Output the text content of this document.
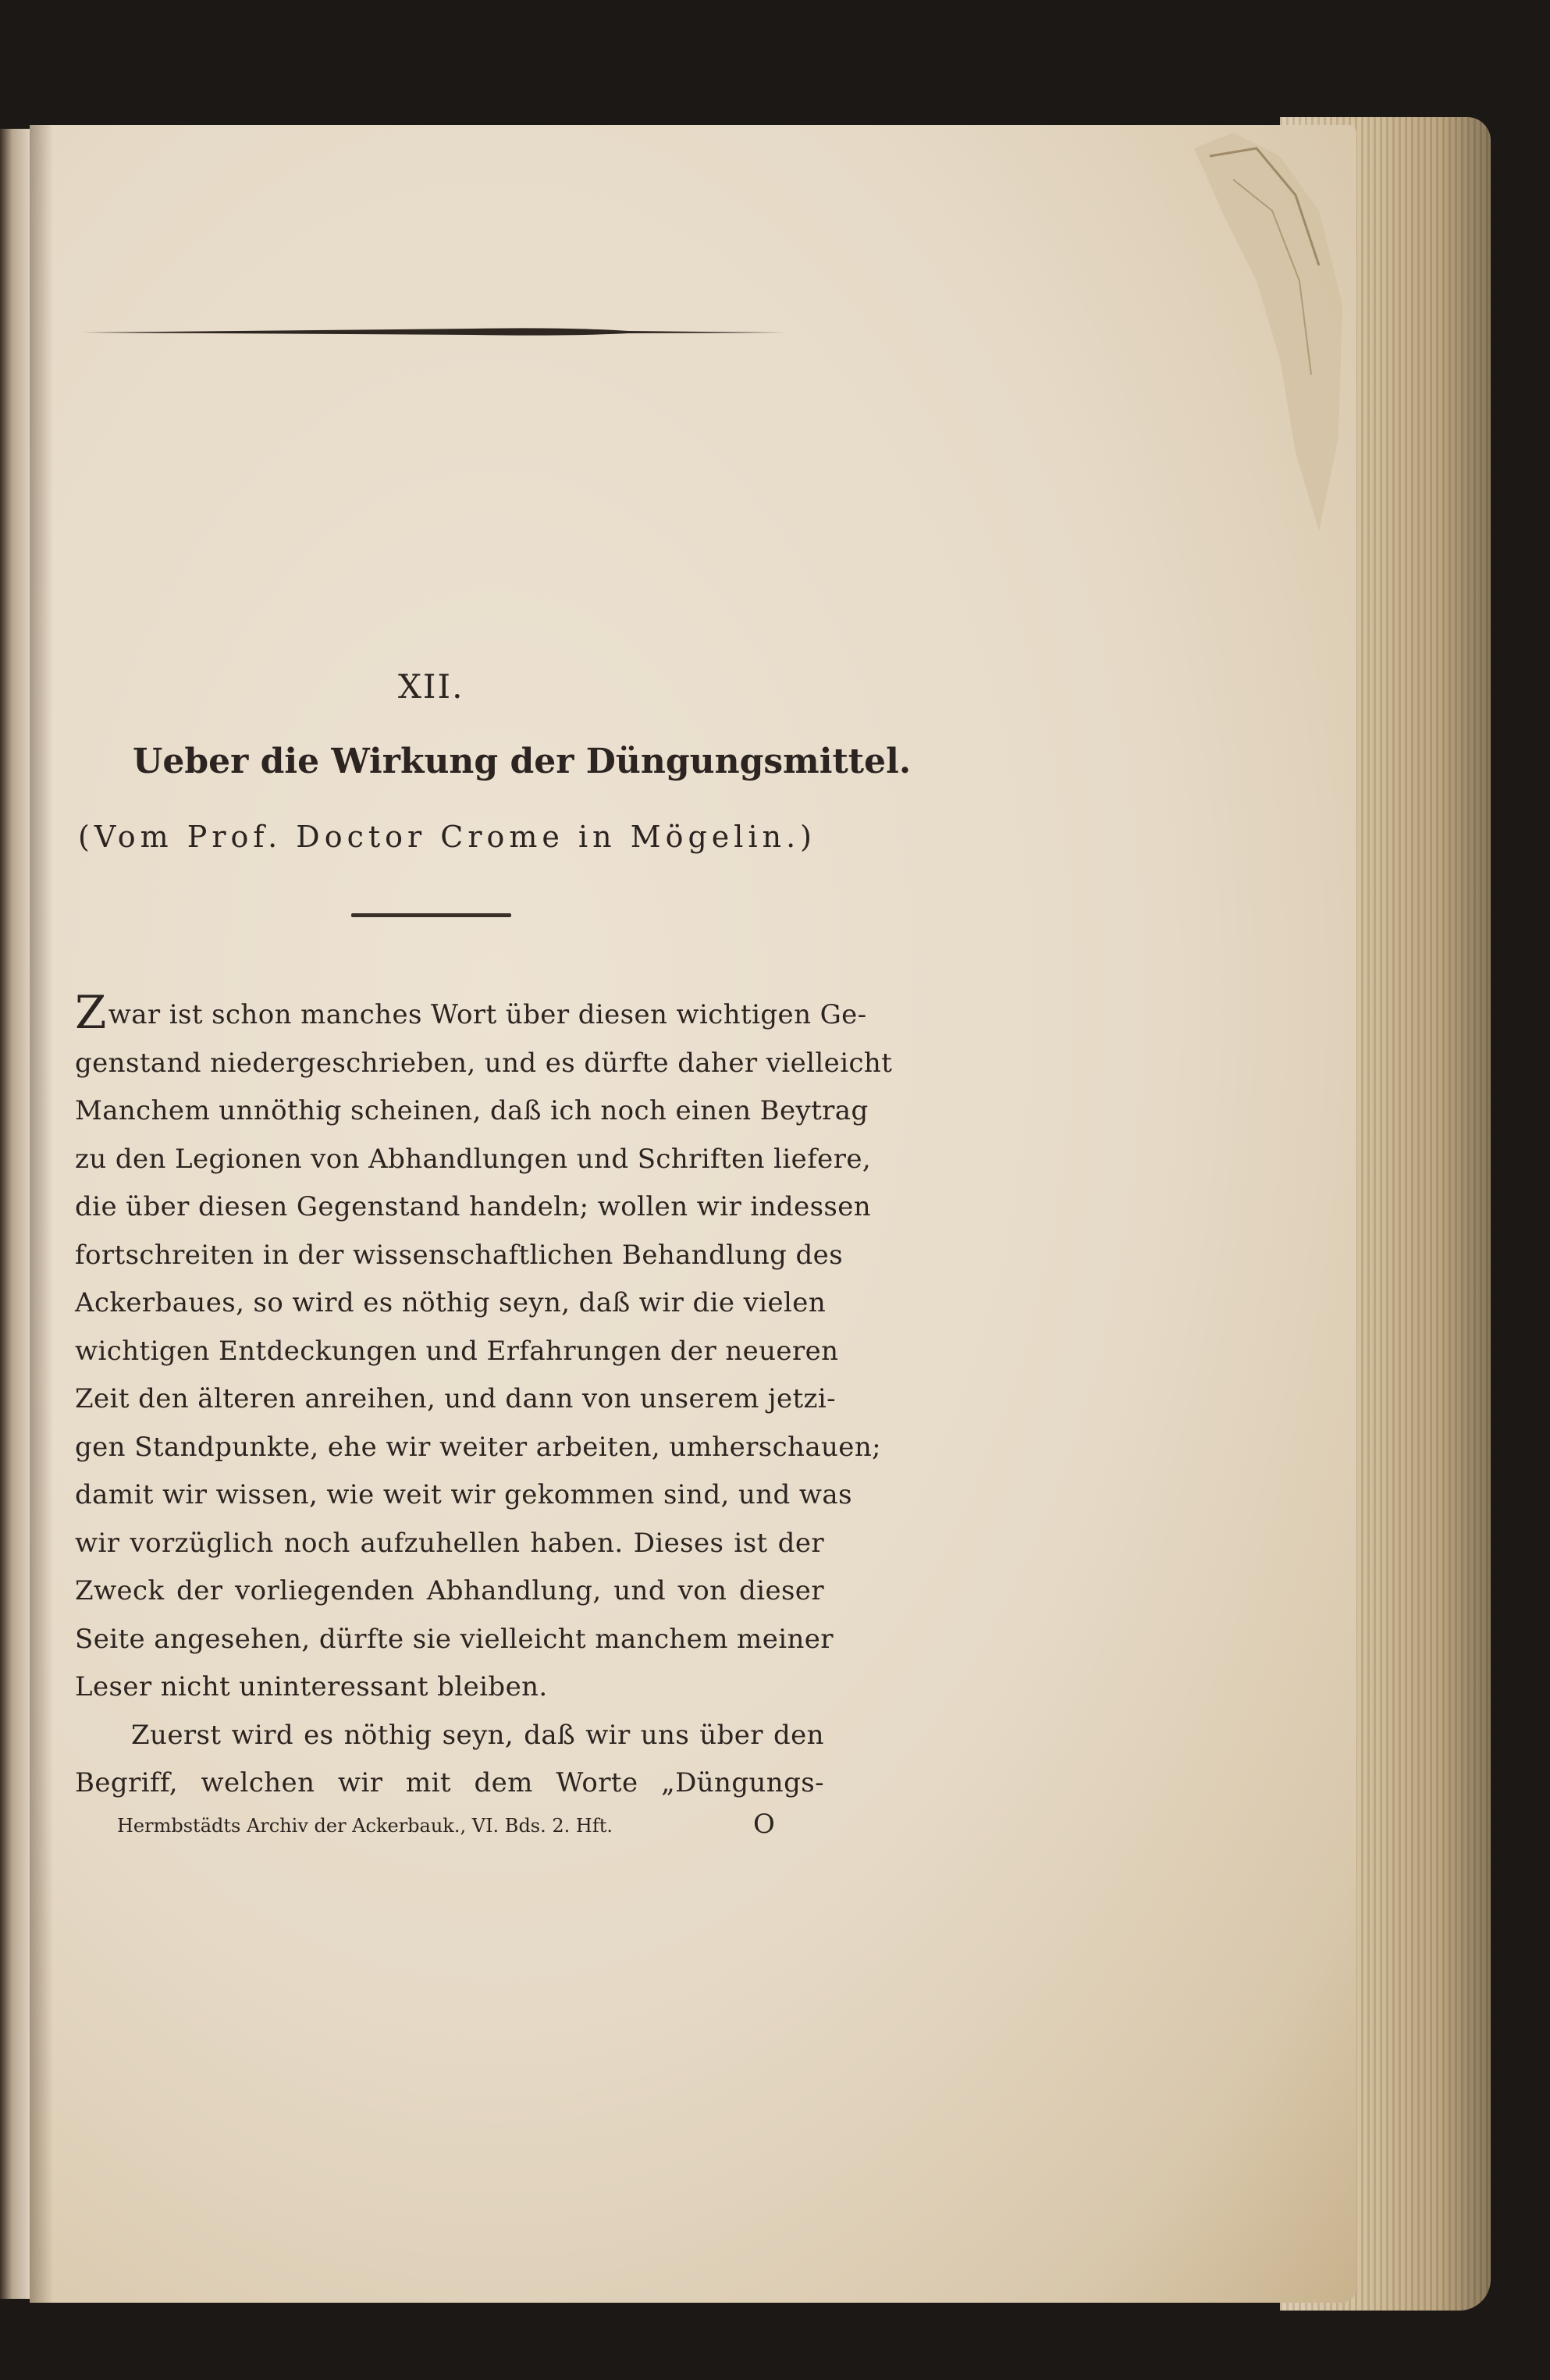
XII.
Ueber die Wirkung der Düngungsmittel.
(Vom Prof. Doctor Crome in Mögelin.)
Zwar ist schon manches Wort über diesen wichtigen Ge-
genstand niedergeschrieben, und es dürfte daher vielleicht
Manchem unnöthig scheinen, daß ich noch einen Beytrag
zu den Legionen von Abhandlungen und Schriften liefere,
die über diesen Gegenstand handeln; wollen wir indessen
fortschreiten in der wissenschaftlichen Behandlung des
Ackerbaues, so wird es nöthig seyn, daß wir die vielen
wichtigen Entdeckungen und Erfahrungen der neueren
Zeit den älteren anreihen, und dann von unserem jetzi-
gen Standpunkte, ehe wir weiter arbeiten, umherschauen;
damit wir wissen, wie weit wir gekommen sind, und was
wir vorzüglich noch aufzuhellen haben. Dieses ist der
Zweck der vorliegenden Abhandlung, und von dieser
Seite angesehen, dürfte sie vielleicht manchem meiner
Leser nicht uninteressant bleiben.
Zuerst wird es nöthig seyn, daß wir uns über den
Begriff, welchen wir mit dem Worte „Düngungs-
Hermbstädts Archiv der Ackerbauk., VI. Bds. 2. Hft.	O
